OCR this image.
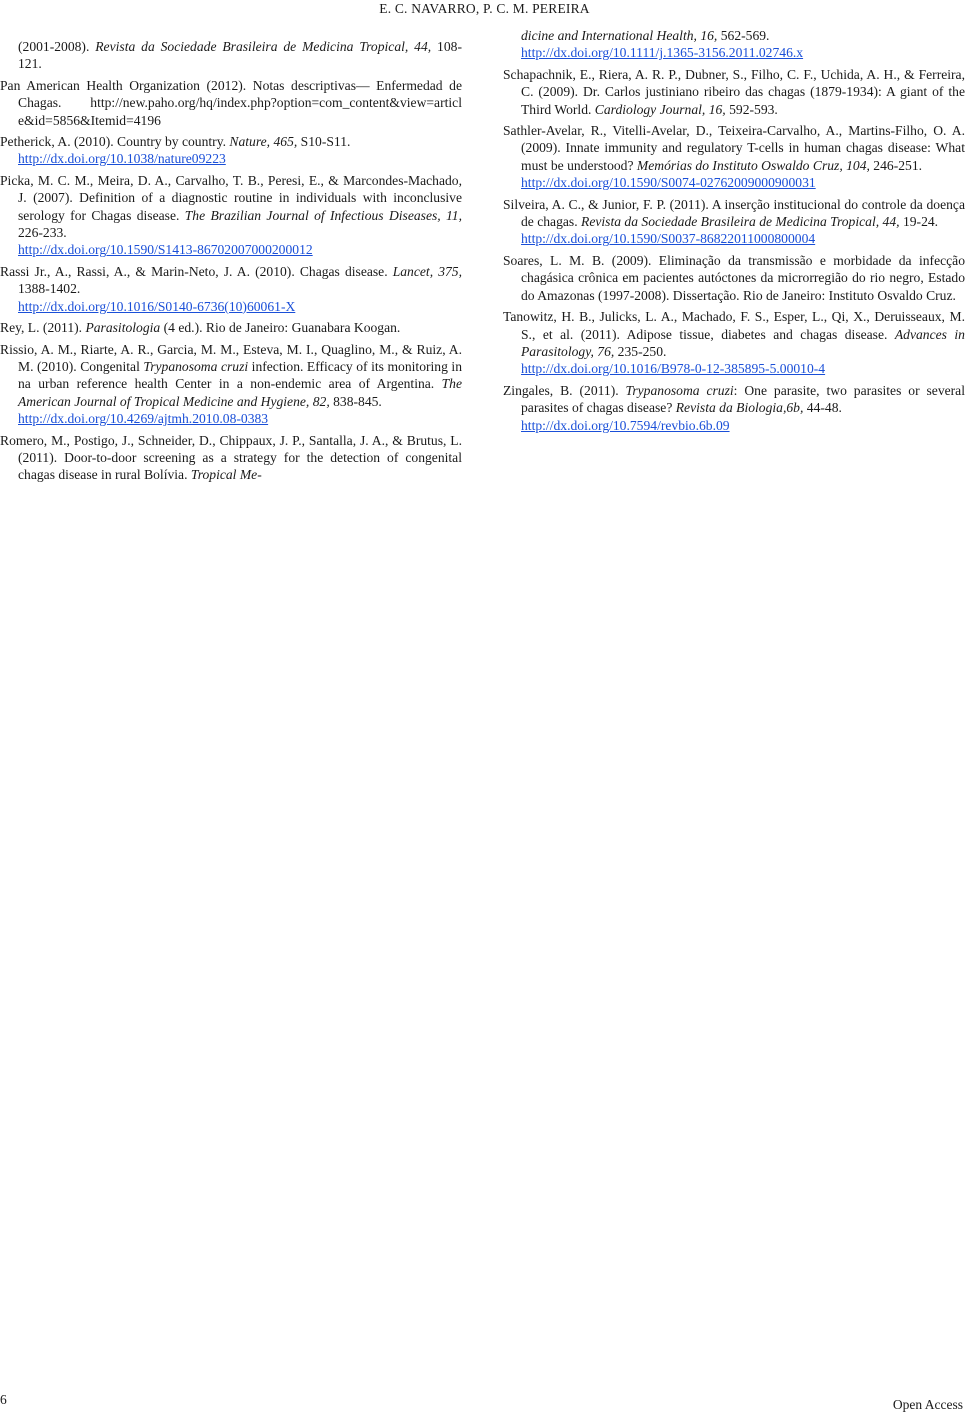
E. C. NAVARRO, P. C. M. PEREIRA

(2001-2008). Revista da Sociedade Brasileira de Medicina Tropical, 44, 108-121.

Pan American Health Organization (2012). Notas descriptivas— Enfermedad de Chagas. http://new.paho.org/hq/index.php?option=com_content&view=articl e&id=5856&Itemid=4196

Petherick, A. (2010). Country by country. Nature, 465, S10-S11.
http://dx.doi.org/10.1038/nature09223

Picka, M. C. M., Meira, D. A., Carvalho, T. B., Peresi, E., & Marcondes-Machado, J. (2007). Definition of a diagnostic routine in individuals with inconclusive serology for Chagas disease. The Brazilian Journal of Infectious Diseases, 11, 226-233.
http://dx.doi.org/10.1590/S1413-86702007000200012

Rassi Jr., A., Rassi, A., & Marin-Neto, J. A. (2010). Chagas disease. Lancet, 375, 1388-1402.
http://dx.doi.org/10.1016/S0140-6736(10)60061-X

Rey, L. (2011). Parasitologia (4 ed.). Rio de Janeiro: Guanabara Koogan.

Rissio, A. M., Riarte, A. R., Garcia, M. M., Esteva, M. I., Quaglino, M., & Ruiz, A. M. (2010). Congenital Trypanosoma cruzi infection. Efficacy of its monitoring in na urban reference health Center in a non-endemic area of Argentina. The American Journal of Tropical Medicine and Hygiene, 82, 838-845.
http://dx.doi.org/10.4269/ajtmh.2010.08-0383

Romero, M., Postigo, J., Schneider, D., Chippaux, J. P., Santalla, J. A., & Brutus, L. (2011). Door-to-door screening as a strategy for the detection of congenital chagas disease in rural Bolívia. Tropical Me-

dicine and International Health, 16, 562-569.
http://dx.doi.org/10.1111/j.1365-3156.2011.02746.x

Schapachnik, E., Riera, A. R. P., Dubner, S., Filho, C. F., Uchida, A. H., & Ferreira, C. (2009). Dr. Carlos justiniano ribeiro das chagas (1879-1934): A giant of the Third World. Cardiology Journal, 16, 592-593.

Sathler-Avelar, R., Vitelli-Avelar, D., Teixeira-Carvalho, A., Martins-Filho, O. A. (2009). Innate immunity and regulatory T-cells in human chagas disease: What must be understood? Memórias do Instituto Oswaldo Cruz, 104, 246-251.
http://dx.doi.org/10.1590/S0074-02762009000900031

Silveira, A. C., & Junior, F. P. (2011). A inserção institucional do controle da doença de chagas. Revista da Sociedade Brasileira de Medicina Tropical, 44, 19-24.
http://dx.doi.org/10.1590/S0037-86822011000800004

Soares, L. M. B. (2009). Eliminação da transmissão e morbidade da infecção chagásica crônica em pacientes autóctones da microrregião do rio negro, Estado do Amazonas (1997-2008). Dissertação. Rio de Janeiro: Instituto Osvaldo Cruz.

Tanowitz, H. B., Julicks, L. A., Machado, F. S., Esper, L., Qi, X., Deruisseaux, M. S., et al. (2011). Adipose tissue, diabetes and chagas disease. Advances in Parasitology, 76, 235-250.
http://dx.doi.org/10.1016/B978-0-12-385895-5.00010-4

Zingales, B. (2011). Trypanosoma cruzi: One parasite, two parasites or several parasites of chagas disease? Revista da Biologia,6b, 44-48.
http://dx.doi.org/10.7594/revbio.6b.09

6	Open Access
